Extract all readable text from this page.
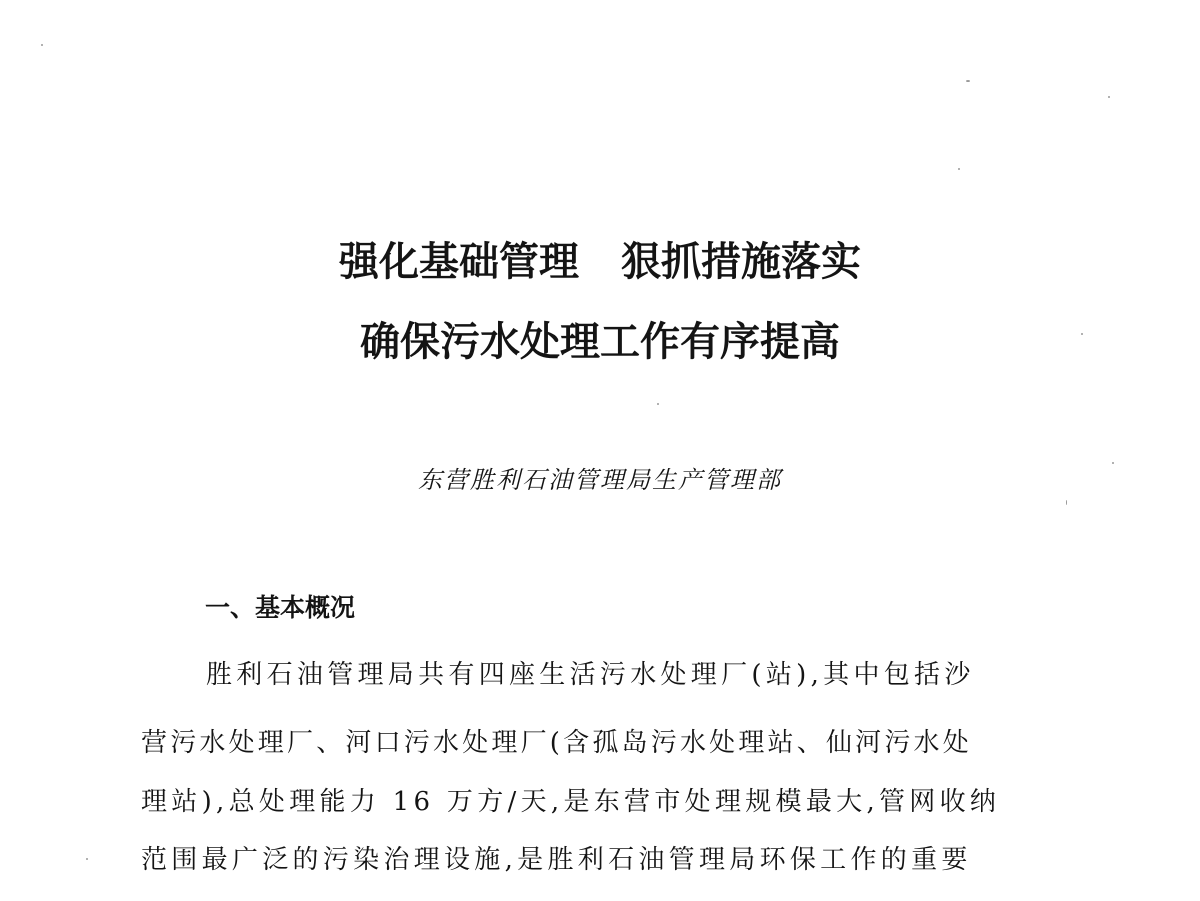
强化基础管理 狠抓措施落实
确保污水处理工作有序提高
东营胜利石油管理局生产管理部
一、基本概况
胜利石油管理局共有四座生活污水处理厂(站),其中包括沙
营污水处理厂、河口污水处理厂(含孤岛污水处理站、仙河污水处
理站),总处理能力 16 万方/天,是东营市处理规模最大,管网收纳
范围最广泛的污染治理设施,是胜利石油管理局环保工作的重要
